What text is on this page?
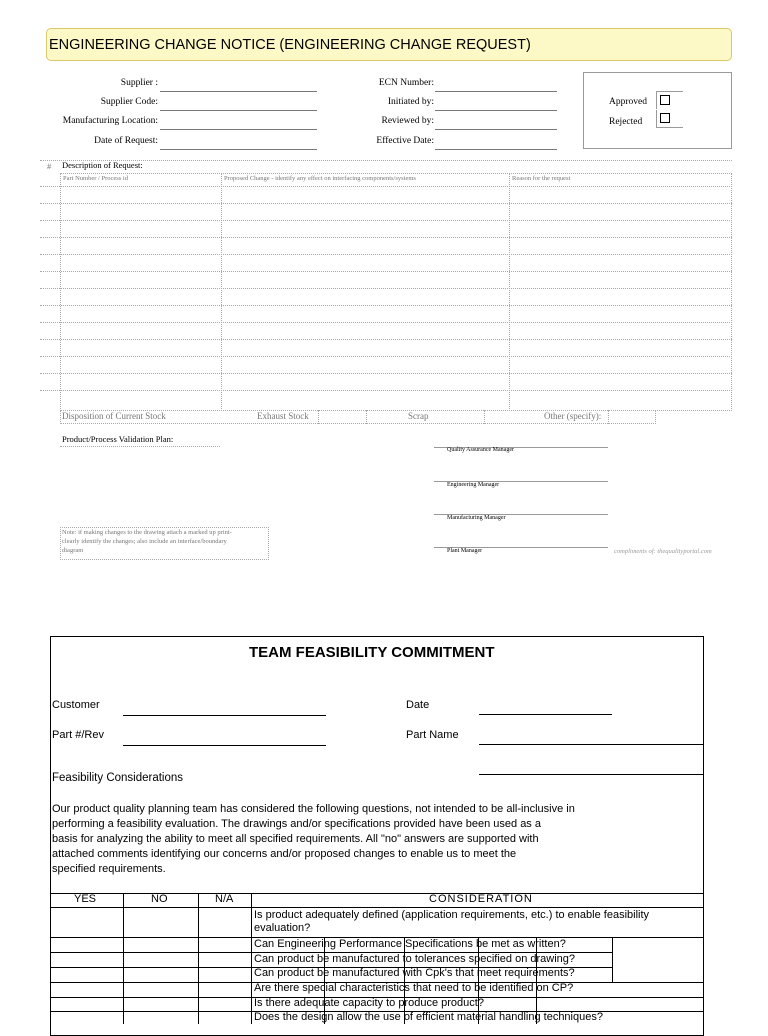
ENGINEERING CHANGE NOTICE (ENGINEERING CHANGE REQUEST)
Supplier :
Supplier Code:
Manufacturing Location:
Date of Request:
ECN Number:
Initiated by:
Reviewed by:
Effective Date:
Approved
Rejected
# Description of Request:
Part Number / Process id	Proposed Change - identify any effect on interfacing components/systems	Reason for the request
Disposition of Current Stock	Exhaust Stock	Scrap	Other (specify):
Product/Process Validation Plan:
Quality Assurance Manager
Engineering Manager
Manufacturing Manager
Plant Manager	compliments of: thequalityportal.com
Note: if making changes to the drawing attach a marked up print-
clearly identify the changes; also include an interface/boundary
diagram
TEAM FEASIBILITY COMMITMENT
Customer	Date
Part #/Rev	Part Name
Feasibility Considerations
Our product quality planning team has considered the following questions, not intended to be all-inclusive in
performing a feasibility evaluation. The drawings and/or specifications provided have been used as a
basis for analyzing the ability to meet all specified requirements. All "no" answers are supported with
attached comments identifying our concerns and/or proposed changes to enable us to meet the
specified requirements.
YES	NO	N/A	CONSIDERATION
Is product adequately defined (application requirements, etc.) to enable feasibility
evaluation?
Can Engineering Performance Specifications be met as written?
Can product be manufactured to tolerances specified on drawing?
Can product be manufactured with Cpk's that meet requirements?
Are there special characteristics that need to be identified on CP?
Is there adequate capacity to produce product?
Does the design allow the use of efficient material handling techniques?
